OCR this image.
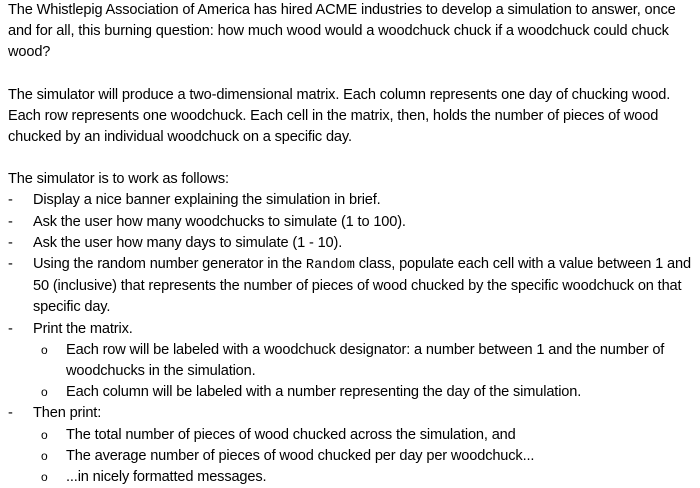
The Whistlepig Association of America has hired ACME industries to develop a simulation to answer, once and for all, this burning question: how much wood would a woodchuck chuck if a woodchuck could chuck wood?

The simulator will produce a two-dimensional matrix. Each column represents one day of chucking wood. Each row represents one woodchuck. Each cell in the matrix, then, holds the number of pieces of wood chucked by an individual woodchuck on a specific day.

The simulator is to work as follows:

-	Display a nice banner explaining the simulation in brief.
-	Ask the user how many woodchucks to simulate (1 to 100).
-	Ask the user how many days to simulate (1 - 10).
-	Using the random number generator in the Random class, populate each cell with a value between 1 and 50 (inclusive) that represents the number of pieces of wood chucked by the specific woodchuck on that specific day.
-	Print the matrix.
o Each row will be labeled with a woodchuck designator: a number between 1 and the number of woodchucks in the simulation.
o Each column will be labeled with a number representing the day of the simulation.
-	Then print:
o The total number of pieces of wood chucked across the simulation, and
o The average number of pieces of wood chucked per day per woodchuck...
o ...in nicely formatted messages.
